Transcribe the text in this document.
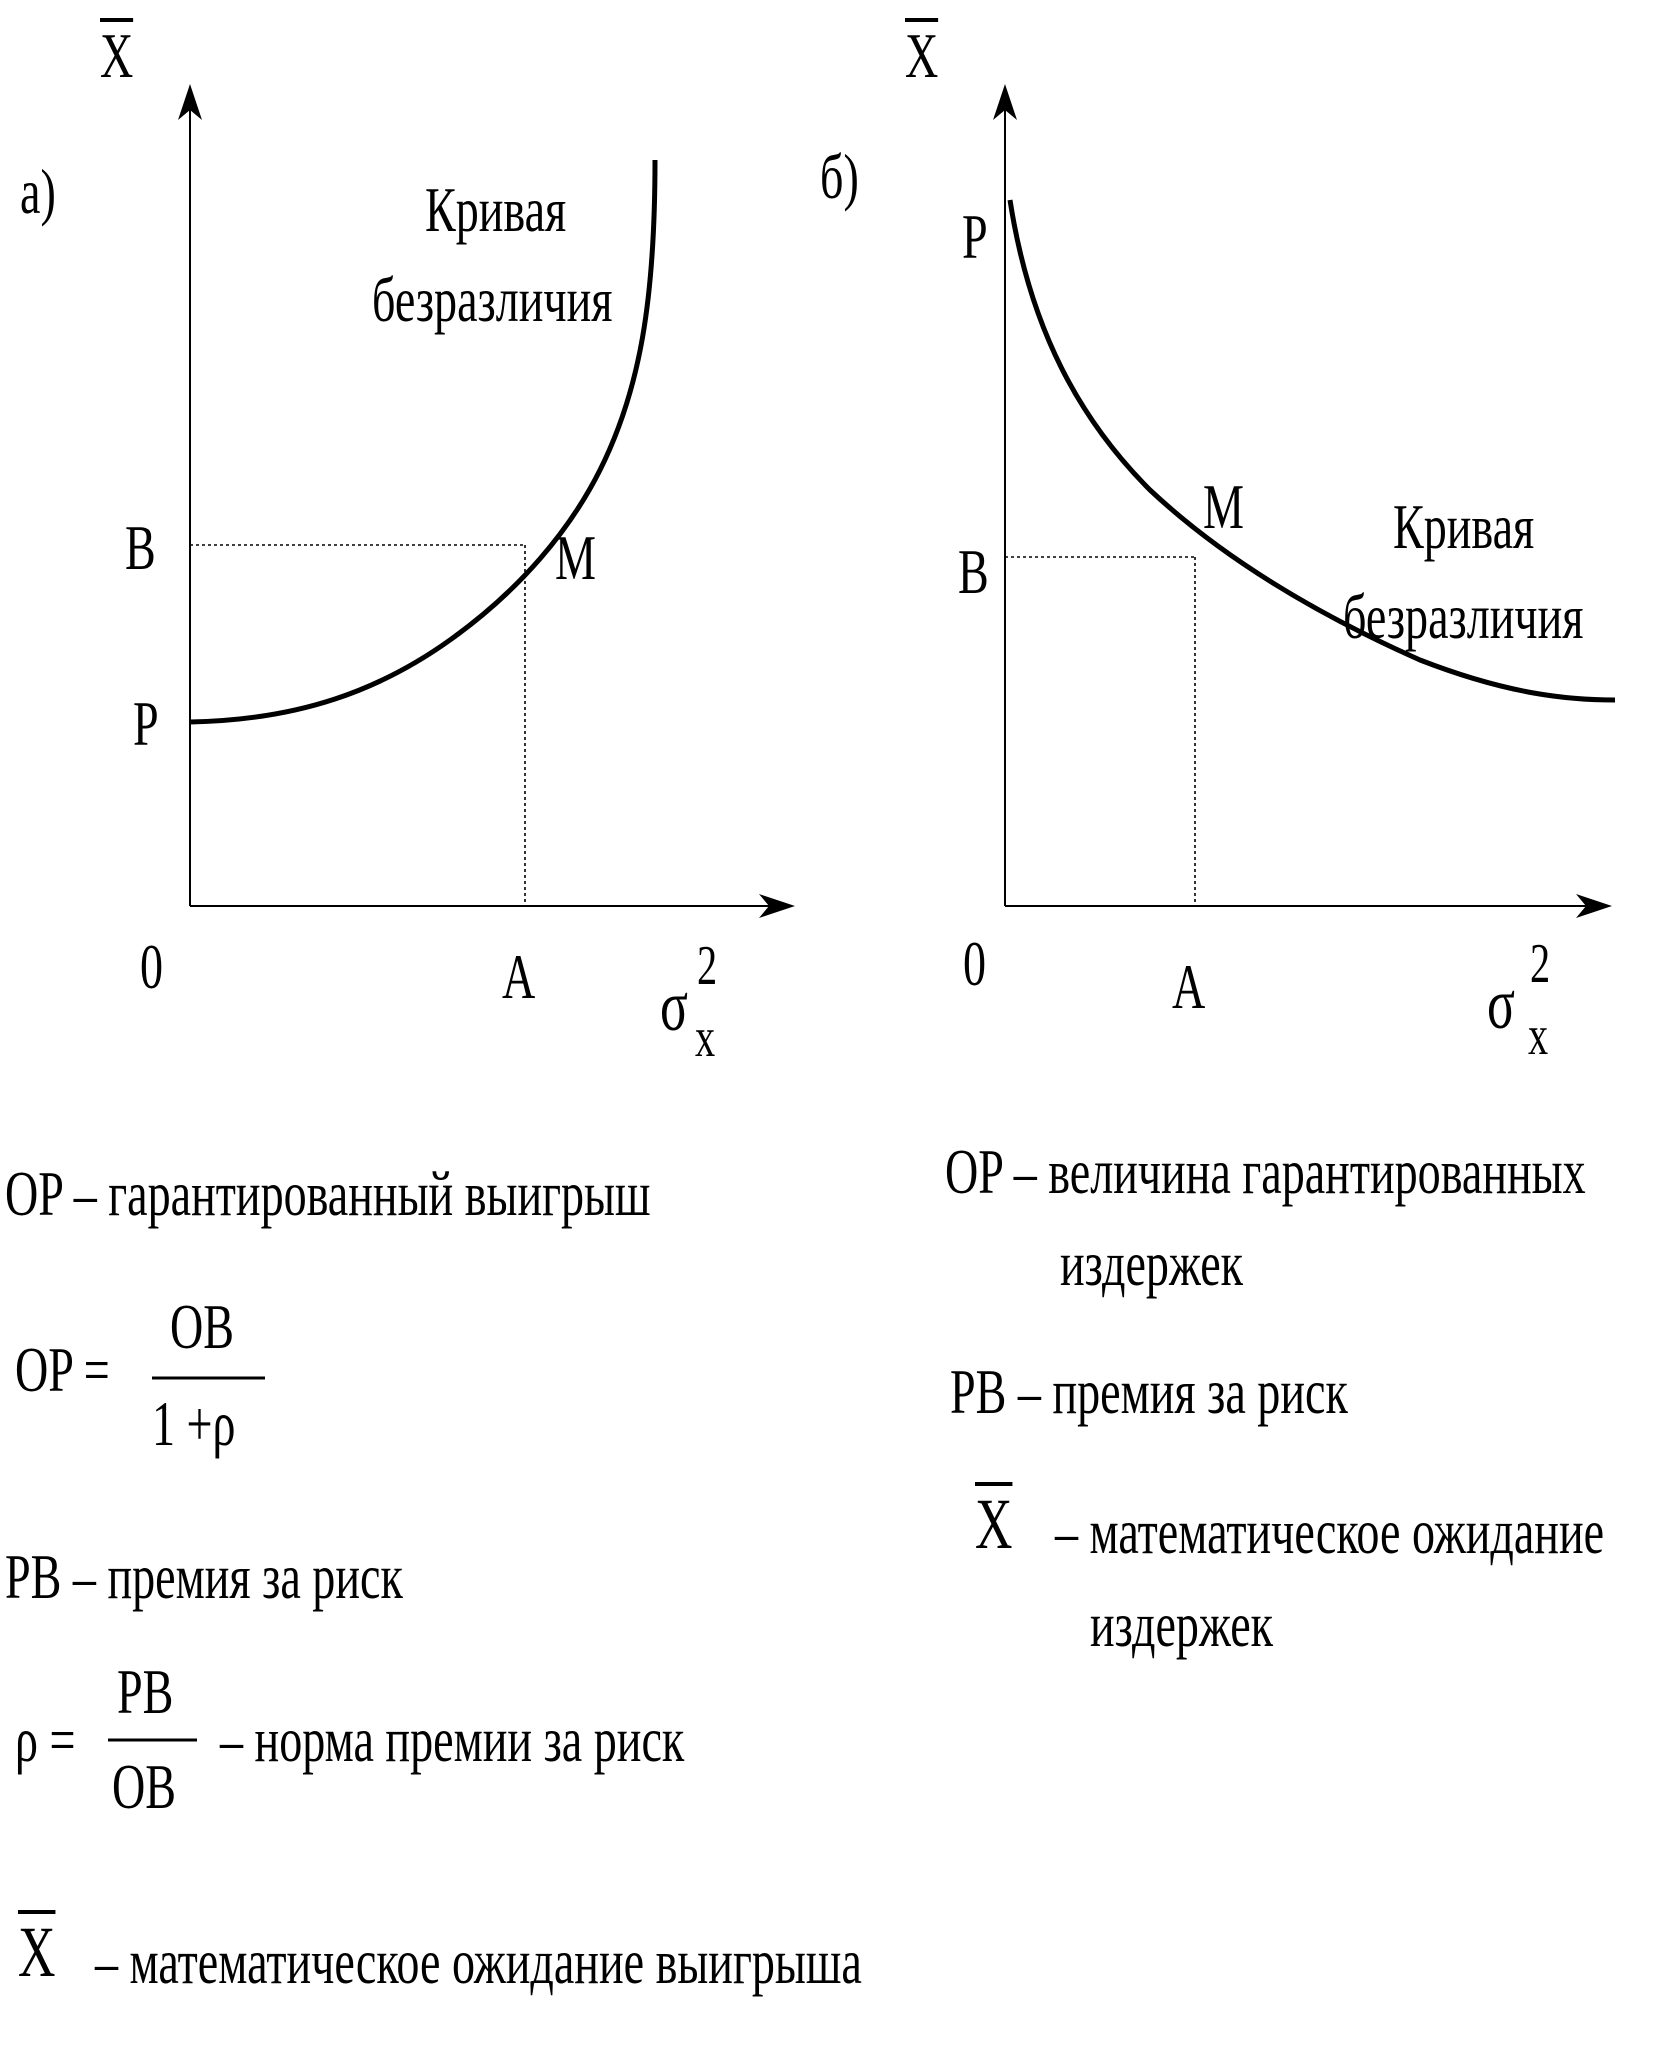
X
а)	Кривая
безразличия
B	M
P
0	A σ 2
x
X
б)
P
M Кривая
B
безразличия
0	A	σ 2
x
OP – гарантированный выигрыш
OP =
OB
1 +ρ
PB – премия за риск
ρ =
PB
OB
– норма премии за риск
X – математическое ожидание выигрыша
OP – величина гарантированных
издержек
PB – премия за риск
X – математическое ожидание
издержек
